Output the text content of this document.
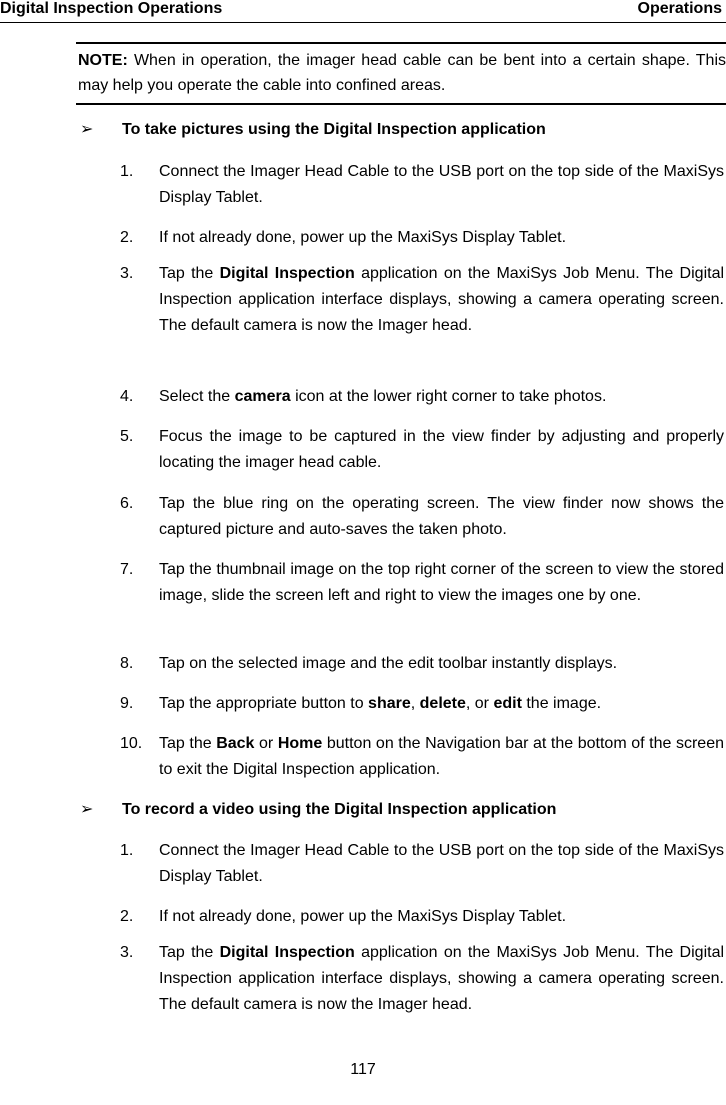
Digital Inspection Operations	Operations
NOTE: When in operation, the imager head cable can be bent into a certain shape. This may help you operate the cable into confined areas.
➢ To take pictures using the Digital Inspection application
1. Connect the Imager Head Cable to the USB port on the top side of the MaxiSys Display Tablet.
2. If not already done, power up the MaxiSys Display Tablet.
3. Tap the Digital Inspection application on the MaxiSys Job Menu. The Digital Inspection application interface displays, showing a camera operating screen. The default camera is now the Imager head.
4. Select the camera icon at the lower right corner to take photos.
5. Focus the image to be captured in the view finder by adjusting and properly locating the imager head cable.
6. Tap the blue ring on the operating screen. The view finder now shows the captured picture and auto-saves the taken photo.
7. Tap the thumbnail image on the top right corner of the screen to view the stored image, slide the screen left and right to view the images one by one.
8. Tap on the selected image and the edit toolbar instantly displays.
9. Tap the appropriate button to share, delete, or edit the image.
10. Tap the Back or Home button on the Navigation bar at the bottom of the screen to exit the Digital Inspection application.
➢ To record a video using the Digital Inspection application
1. Connect the Imager Head Cable to the USB port on the top side of the MaxiSys Display Tablet.
2. If not already done, power up the MaxiSys Display Tablet.
3. Tap the Digital Inspection application on the MaxiSys Job Menu. The Digital Inspection application interface displays, showing a camera operating screen. The default camera is now the Imager head.
117
